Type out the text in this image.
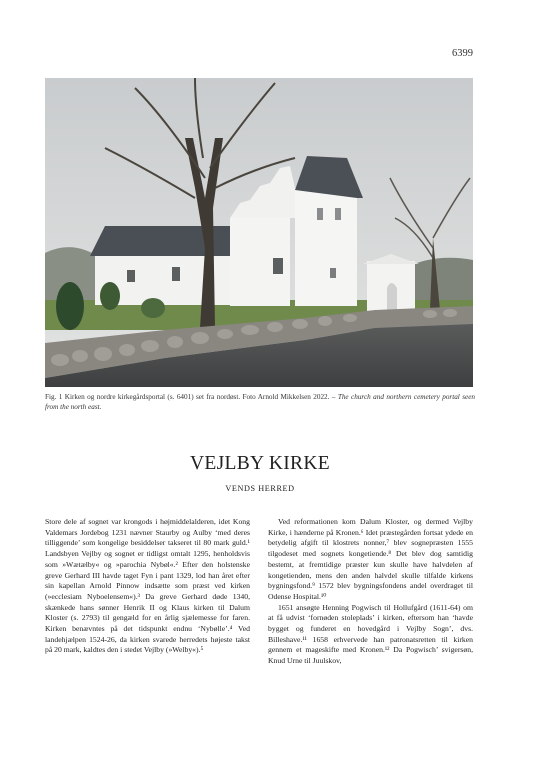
6399
Fig. 1 Kirken og nordre kirkegårdsportal (s. 6401) set fra nordøst. Foto Arnold Mikkelsen 2022. – The church and northern cemetery portal seen from the north east.
VEJLBY KIRKE
VENDS HERRED

Store dele af sognet var krongods i højmiddelalderen, idet Kong Valdemars Jordebog 1231 nævner Staurby og Aulby ‘med deres tilliggende’ som kongelige besiddelser takseret til 80 mark guld.¹ Landsbyen Vejlby og sognet er tidligst omtalt 1295, henholdsvis som »Wætælby« og »parochia Nybøl«.² Efter den holstenske greve Gerhard III havde taget Fyn i pant 1329, lod han året efter sin kapellan Arnold Pinnow indsætte som præst ved kirken (»ecclesiam Nyboelensem«).³ Da greve Gerhard døde 1340, skænkede hans sønner Henrik II og Klaus kirken til Dalum Kloster (s. 2793) til gengæld for en årlig sjælemesse for faren. Kirken benævntes på det tidspunkt endnu ‘Nybølle’.⁴ Ved landehjælpen 1524-26, da kirken svarede herredets højeste takst på 20 mark, kaldtes den i stedet Vejlby (»Welby«).⁵

Ved reformationen kom Dalum Kloster, og dermed Vejlby Kirke, i hænderne på Kronen.⁶ Idet præstegården fortsat ydede en betydelig afgift til klostrets nonner,⁷ blev sognepræsten 1555 tilgodeset med sognets kongetiende.⁸ Det blev dog samtidig bestemt, at fremtidige præster kun skulle have halvdelen af kongetienden, mens den anden halvdel skulle tilfalde kirkens bygningsfond.⁹ 1572 blev bygningsfondens andel overdraget til Odense Hospital.¹⁰

1651 ansøgte Henning Pogwisch til Hollufgård (1611-64) om at få udvist ‘fornøden stoleplads’ i kirken, eftersom han ‘havde bygget og funderet en hovedgård i Vejlby Sogn’, dvs. Billeshave.¹¹ 1658 erhvervede han patronatsretten til kirken gennem et mageskifte med Kronen.¹² Da Pogwisch’ svigersøn, Knud Urne til Juulskov,
